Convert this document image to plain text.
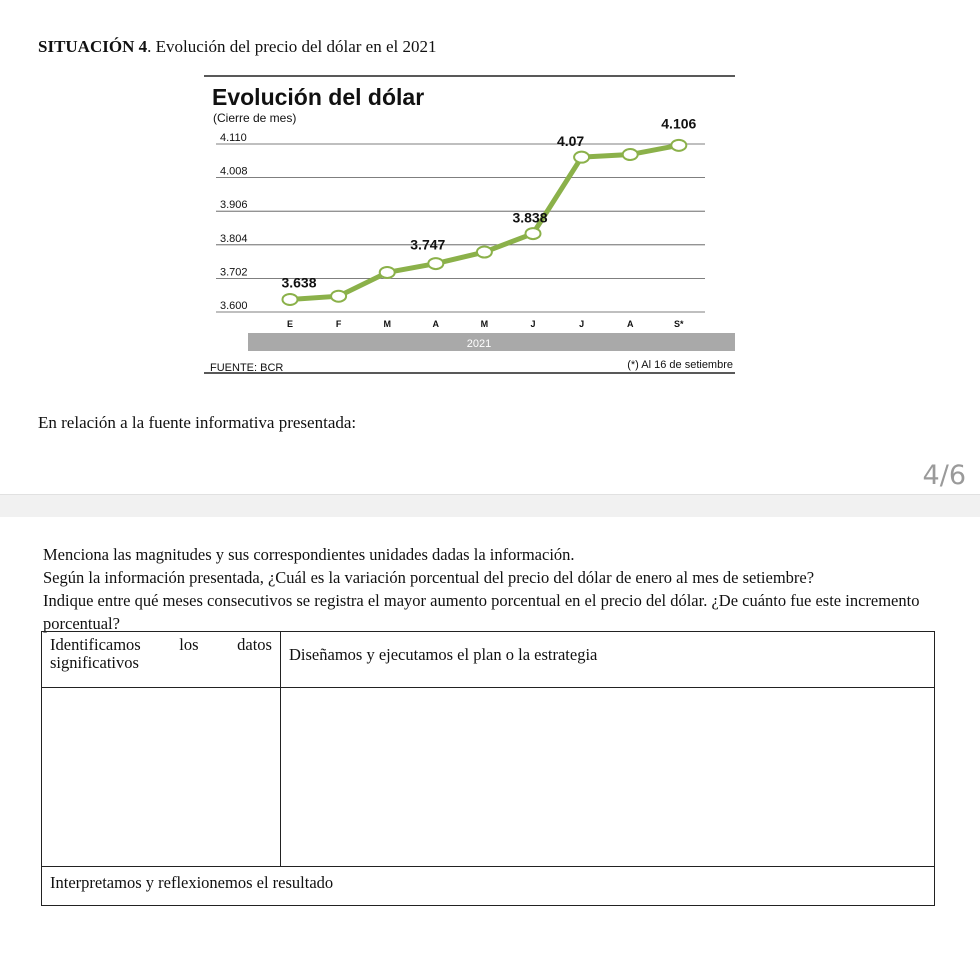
SITUACIÓN 4. Evolución del precio del dólar en el 2021
Evolución del dólar
(Cierre de mes)
4.110
4.008
3.906
3.804
3.702
3.600
3.638
3.747
3.838
4.07
4.106
E	F	M	A	M	J	J	A	S*
2021
FUENTE: BCR	(*) Al 16 de setiembre
En relación a la fuente informativa presentada:
4/6

Menciona las magnitudes y sus correspondientes unidades dadas la información.

Según la información presentada, ¿Cuál es la variación porcentual del precio del dólar de enero al mes de setiembre?

Indique entre qué meses consecutivos se registra el mayor aumento porcentual en el precio del dólar. ¿De cuánto fue este incremento porcentual?

Identificamos los datos
significativos	Diseñamos y ejecutamos el plan o la estrategia

Interpretamos y reflexionemos el resultado	
